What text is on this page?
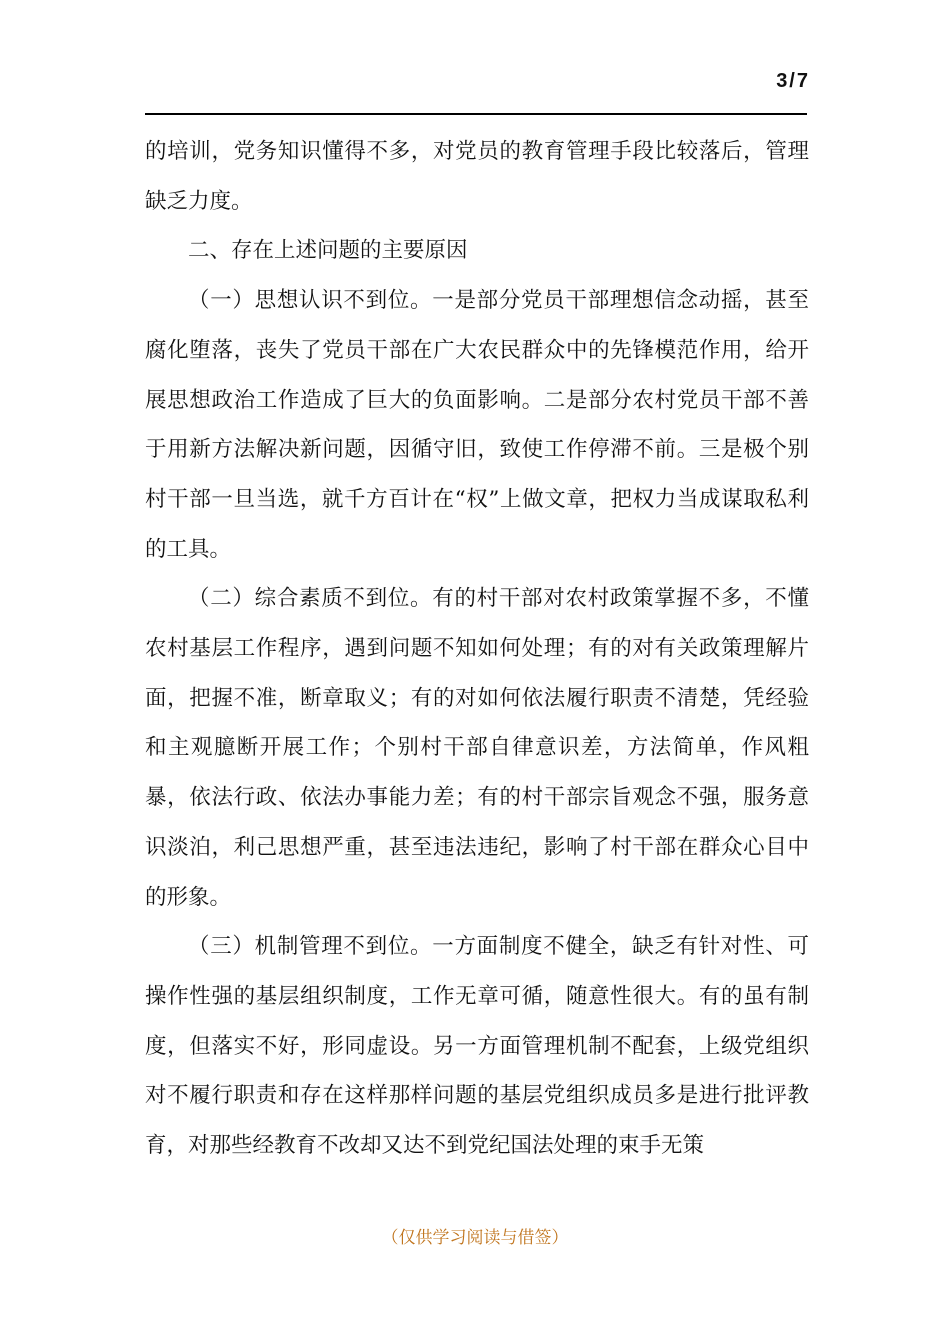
3/7

的培训，党务知识懂得不多，对党员的教育管理手段比较落后，管理缺乏力度。

二、存在上述问题的主要原因

（一）思想认识不到位。一是部分党员干部理想信念动摇，甚至腐化堕落，丧失了党员干部在广大农民群众中的先锋模范作用，给开展思想政治工作造成了巨大的负面影响。二是部分农村党员干部不善于用新方法解决新问题，因循守旧，致使工作停滞不前。三是极个别村干部一旦当选，就千方百计在“权”上做文章，把权力当成谋取私利的工具。

（二）综合素质不到位。有的村干部对农村政策掌握不多，不懂农村基层工作程序，遇到问题不知如何处理；有的对有关政策理解片面，把握不准，断章取义；有的对如何依法履行职责不清楚，凭经验和主观臆断开展工作；个别村干部自律意识差，方法简单，作风粗暴，依法行政、依法办事能力差；有的村干部宗旨观念不强，服务意识淡泊，利己思想严重，甚至违法违纪，影响了村干部在群众心目中的形象。

（三）机制管理不到位。一方面制度不健全，缺乏有针对性、可操作性强的基层组织制度，工作无章可循，随意性很大。有的虽有制度，但落实不好，形同虚设。另一方面管理机制不配套，上级党组织对不履行职责和存在这样那样问题的基层党组织成员多是进行批评教育，对那些经教育不改却又达不到党纪国法处理的束手无策

（仅供学习阅读与借签）
